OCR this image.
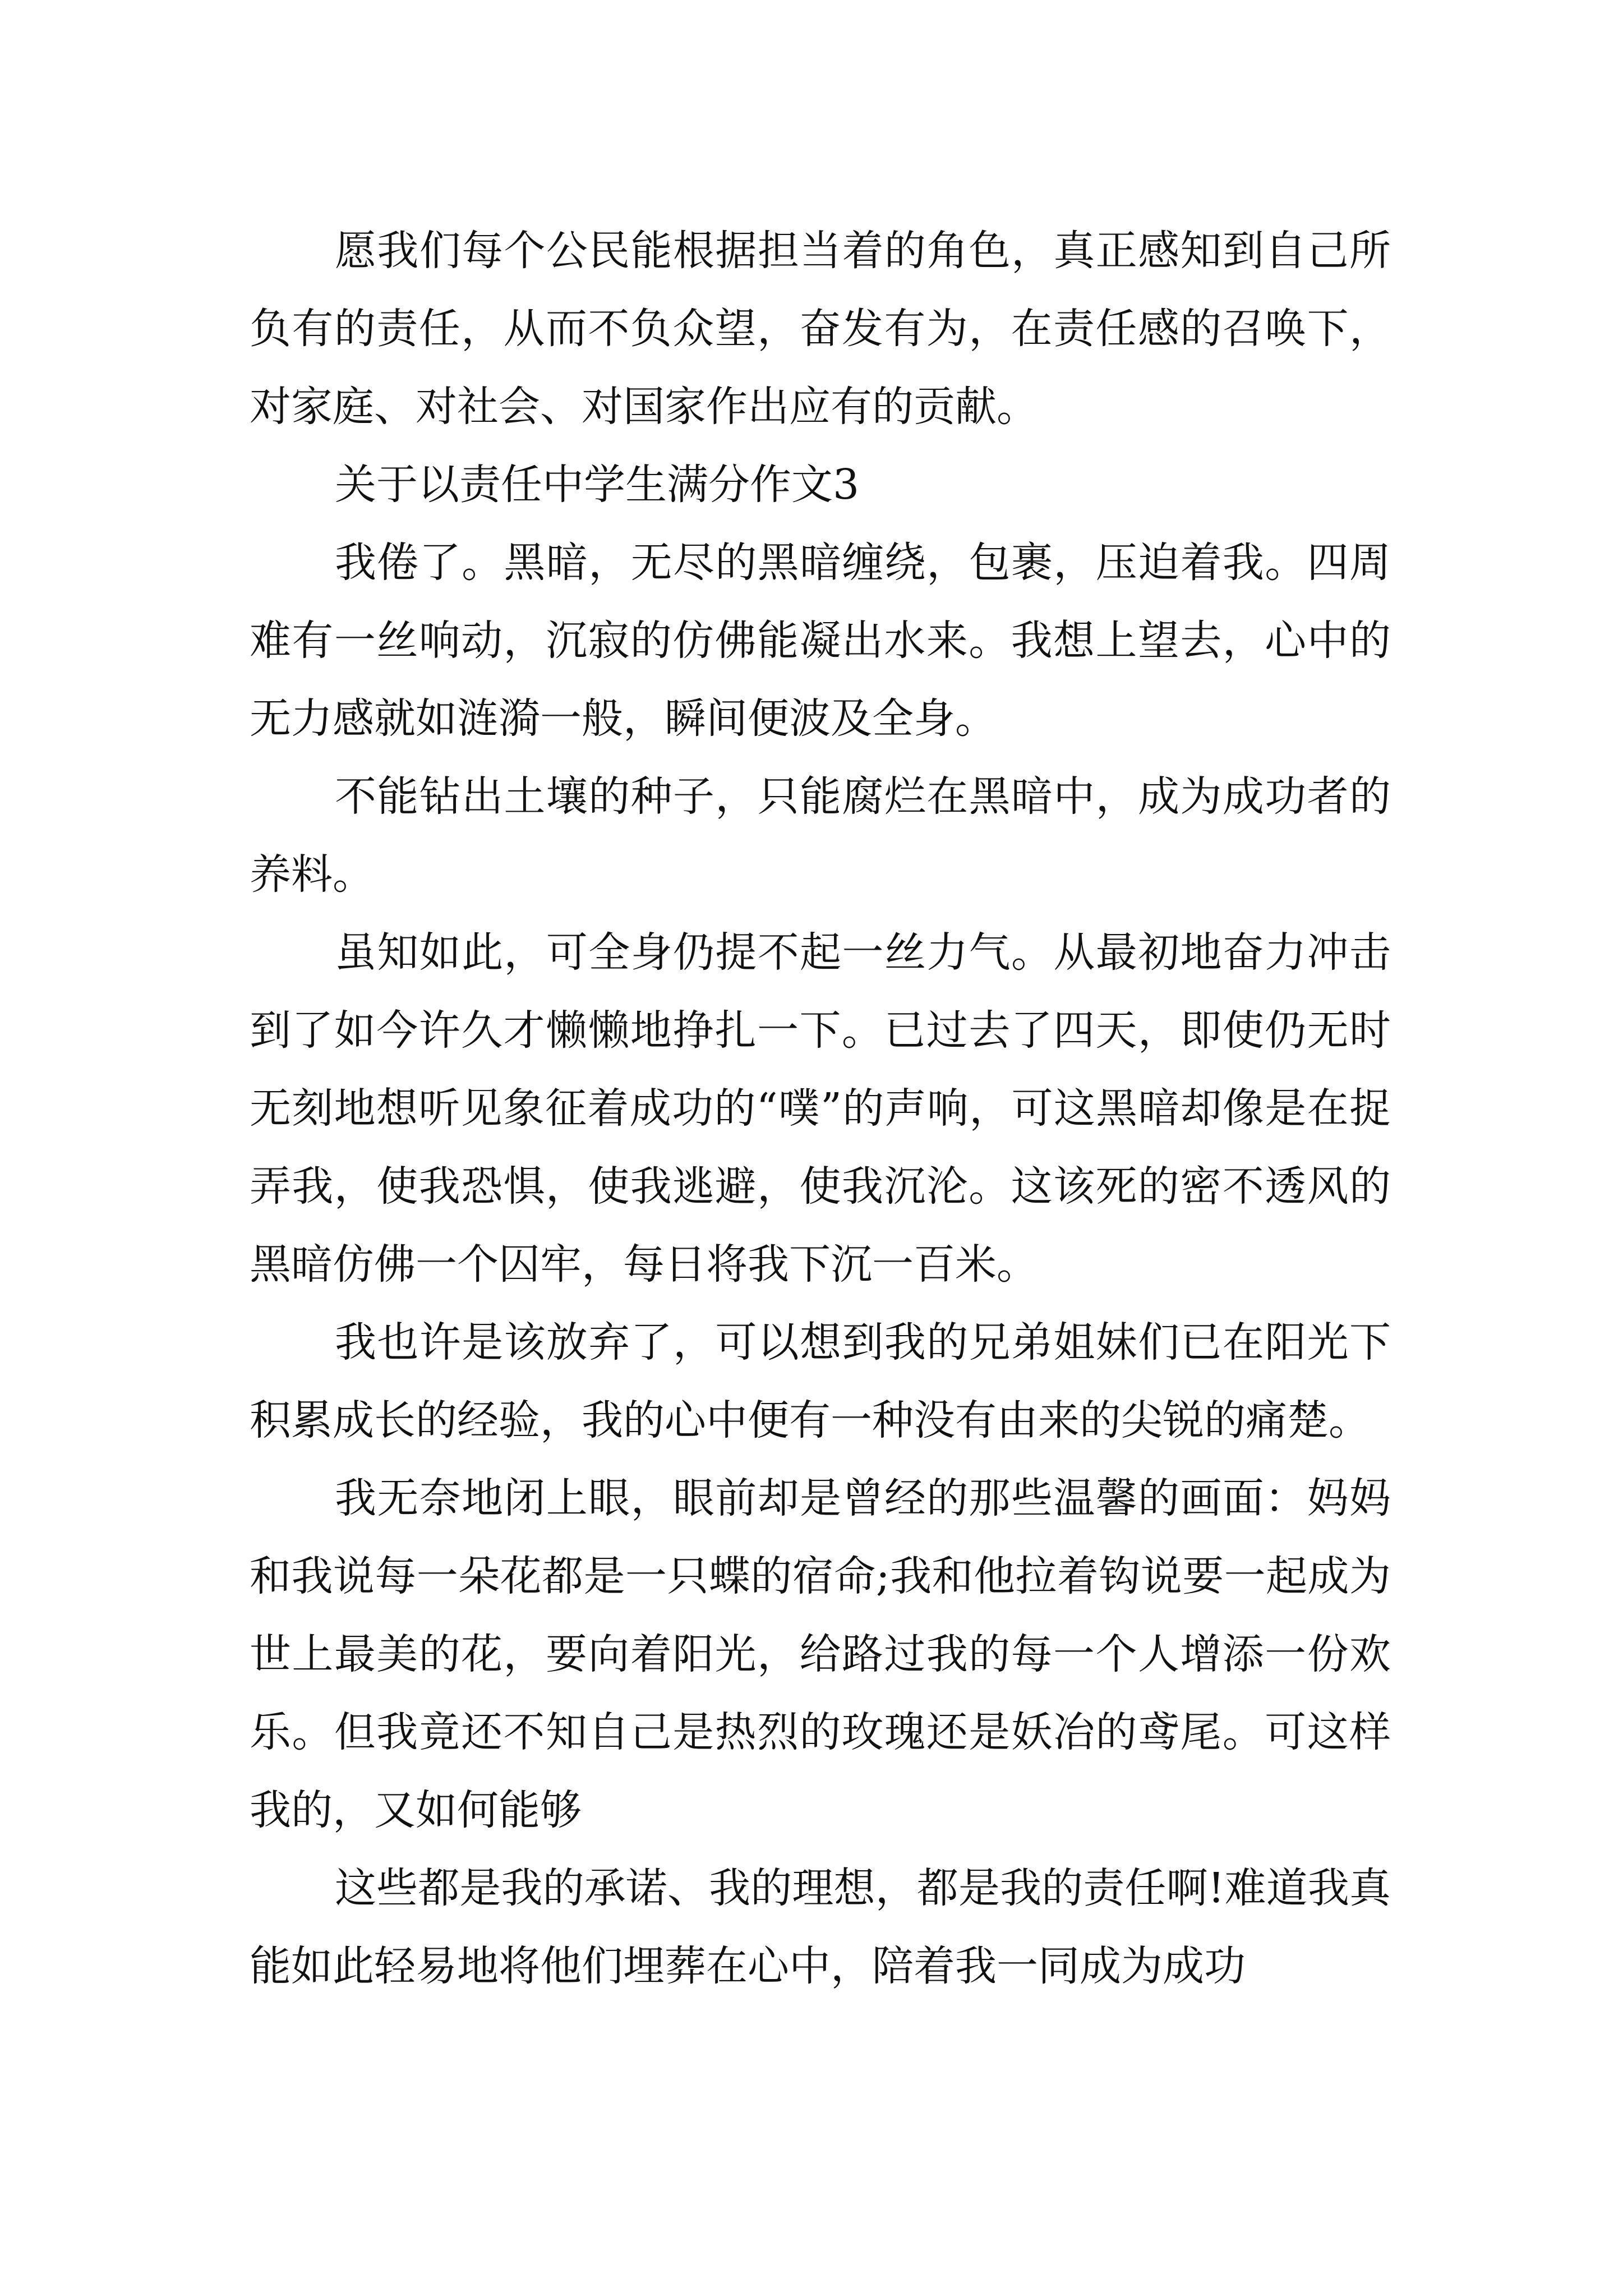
愿我们每个公民能根据担当着的角色，真正感知到自己所负有的责任，从而不负众望，奋发有为，在责任感的召唤下，对家庭、对社会、对国家作出应有的贡献。

关于以责任中学生满分作文3

我倦了。黑暗，无尽的黑暗缠绕，包裹，压迫着我。四周难有一丝响动，沉寂的仿佛能凝出水来。我想上望去，心中的无力感就如涟漪一般，瞬间便波及全身。

不能钻出土壤的种子，只能腐烂在黑暗中，成为成功者的养料。

虽知如此，可全身仍提不起一丝力气。从最初地奋力冲击到了如今许久才懒懒地挣扎一下。已过去了四天，即使仍无时无刻地想听见象征着成功的“噗”的声响，可这黑暗却像是在捉弄我，使我恐惧，使我逃避，使我沉沦。这该死的密不透风的黑暗仿佛一个囚牢，每日将我下沉一百米。

我也许是该放弃了，可以想到我的兄弟姐妹们已在阳光下积累成长的经验，我的心中便有一种没有由来的尖锐的痛楚。

我无奈地闭上眼，眼前却是曾经的那些温馨的画面：妈妈和我说每一朵花都是一只蝶的宿命;我和他拉着钩说要一起成为世上最美的花，要向着阳光，给路过我的每一个人增添一份欢乐。但我竟还不知自己是热烈的玫瑰还是妖冶的鸢尾。可这样我的，又如何能够

这些都是我的承诺、我的理想，都是我的责任啊!难道我真能如此轻易地将他们埋葬在心中，陪着我一同成为成功
